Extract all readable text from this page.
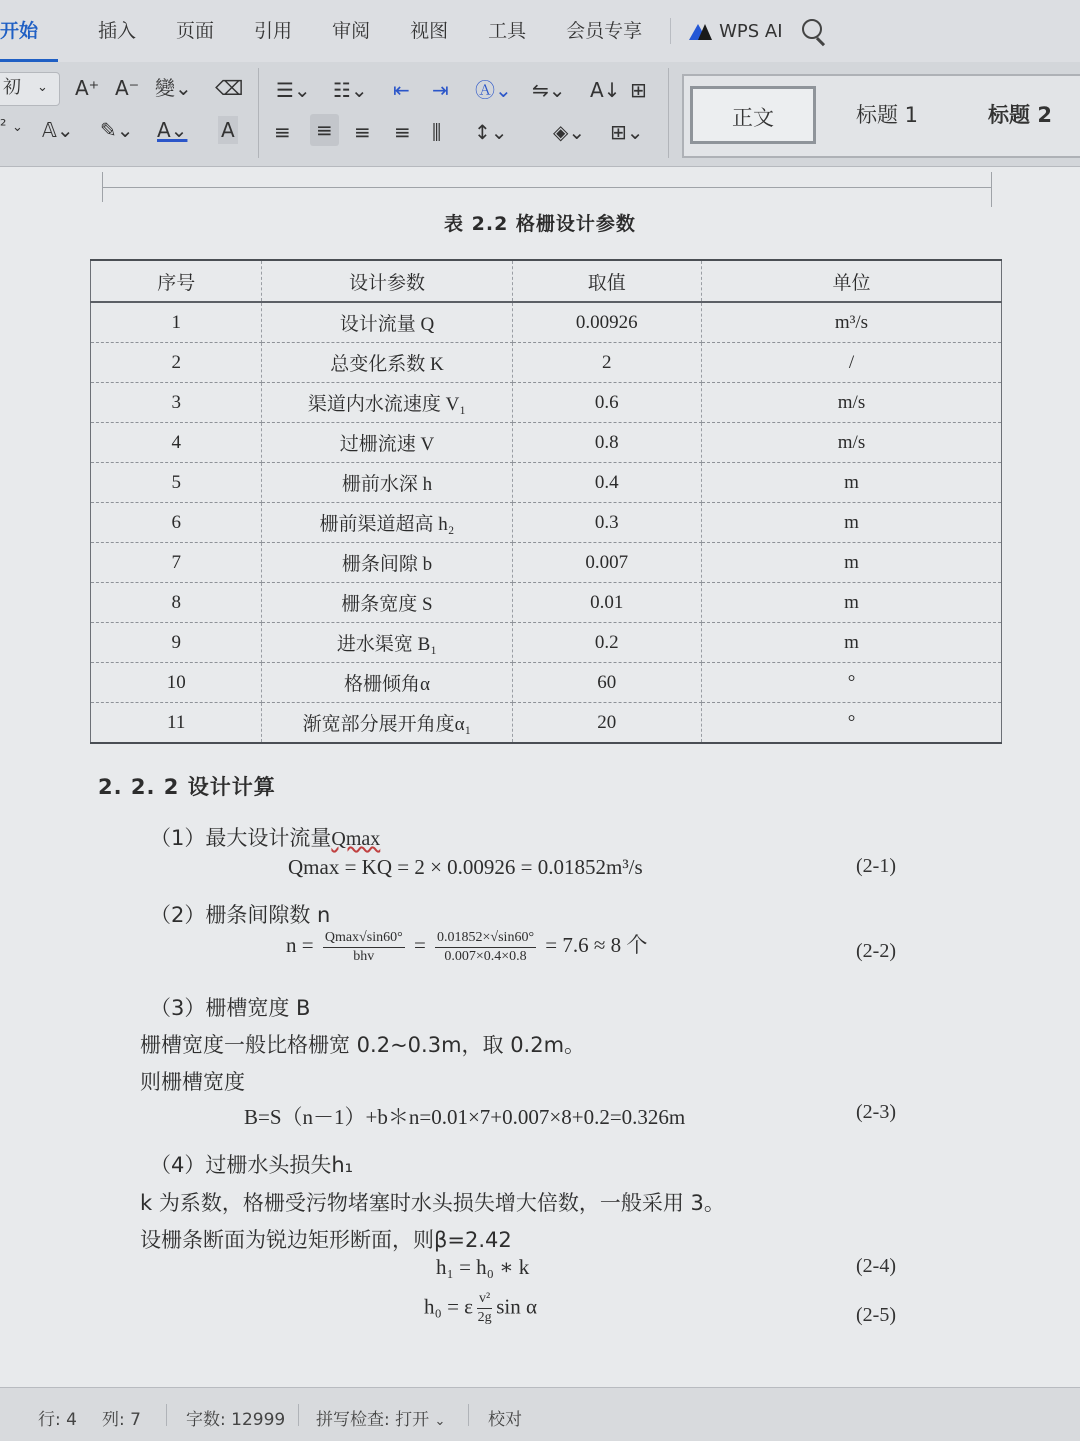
开始	插入	页面	引用	审阅	视图	工具	会员专享	WPS AI
初 ⌄
² ⌄
A⁺ A⁻ 變⌄ ⌫
𝔸⌄ ✎⌄ A⌄ A
☰⌄ ☷⌄ ⇤ ⇥ Ⓐ⌄ ⇋⌄ A↓ ⊞
≡	≡	≡ ≡ ⫼ ↕⌄ ◈⌄ ⊞⌄
正文	标题 1	标题 2
表 2.2 格栅设计参数
序号	设计参数	取值	单位
1	设计流量 Q	0.00926	m³/s
2	总变化系数 K	2	/
3	渠道内水流速度 V₁	0.6	m/s
4	过栅流速 V	0.8	m/s
5	栅前水深 h	0.4	m
6	栅前渠道超高 h₂	0.3	m
7	栅条间隙 b	0.007	m
8	栅条宽度 S	0.01	m
9	进水渠宽 B₁	0.2	m
10	格栅倾角α	60	°
11	渐宽部分展开角度α₁	20	°
2. 2. 2 设计计算
（1）最大设计流量Qmax
Qmax = KQ = 2 × 0.00926 = 0.01852m³/s	(2-1)
（2）栅条间隙数 n
$n = \frac{Qmax√\sin 60^\circ}{\text{bhv}} = \frac{0.01852\times√\sin 60^\circ}{0.007\times 0.4\times 0.8} = 7.6 \approx 8$ 个	(2-2)
（3）栅槽宽度 B
栅槽宽度一般比格栅宽 0.2~0.3m，取 0.2m。
则栅槽宽度
B=S（n－1）+b＊n=0.01×7+0.007×8+0.2=0.326m	(2-3)
（4）过栅水头损失h₁
k 为系数，格栅受污物堵塞时水头损失增大倍数，一般采用 3。
设栅条断面为锐边矩形断面，则β=2.42
h₁ = h₀ ∗ k	(2-4)
h₀ = ε $\frac{\text{v²}}{2g}$ sin α	(2-5)
行: 4 列: 7	字数: 12999 拼写检查: 打开 ⌄	校对
